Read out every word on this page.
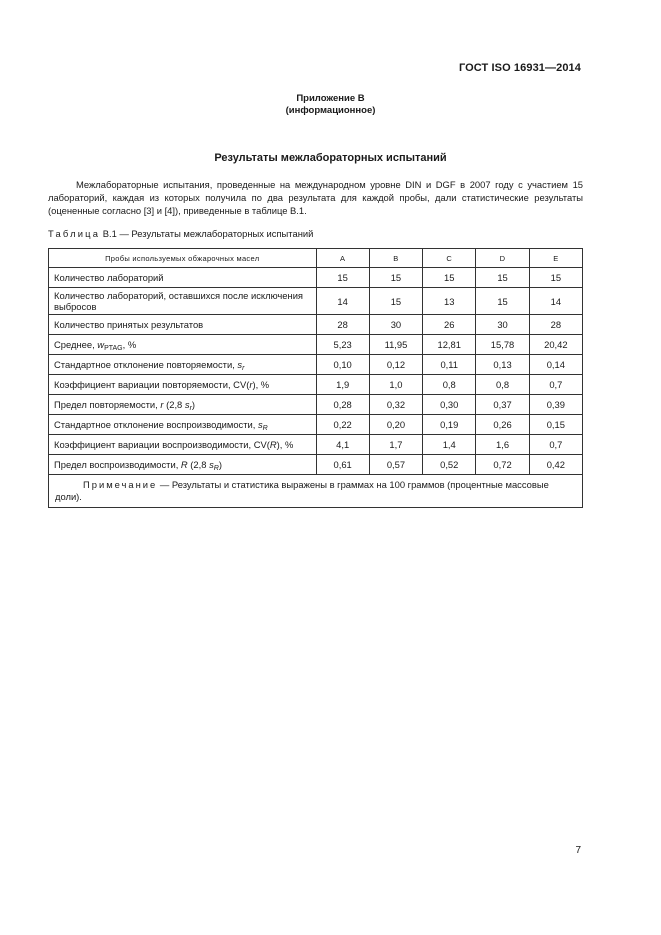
ГОСТ ISO 16931—2014
Приложение В
(информационное)
Результаты межлабораторных испытаний

Межлабораторные испытания, проведенные на международном уровне DIN и DGF в 2007 году с участием 15 лабораторий, каждая из которых получила по два результата для каждой пробы, дали статистические результаты (оцененные согласно [3] и [4]), приведенные в таблице В.1.

Таблица В.1 — Результаты межлабораторных испытаний
Пробы используемых обжарочных масел	A	B	C	D	E
Количество лабораторий	15	15	15	15	15
Количество лабораторий, оставшихся после исключения выбросов	14	15	13	15	14
Количество принятых результатов	28	30	26	30	28
Среднее, $w_{PTAG}$, %	5,23	11,95	12,81	15,78	20,42
Стандартное отклонение повторяемости, $s_r$	0,10	0,12	0,11	0,13	0,14
Коэффициент вариации повторяемости, CV(r), %	1,9	1,0	0,8	0,8	0,7
Предел повторяемости, r (2,8 $s_r$)	0,28	0,32	0,30	0,37	0,39
Стандартное отклонение воспроизводимости, $s_R$	0,22	0,20	0,19	0,26	0,15
Коэффициент вариации воспроизводимости, CV(R), %	4,1	1,7	1,4	1,6	0,7
Предел воспроизводимости, R (2,8 $s_R$)	0,61	0,57	0,52	0,72	0,42
Примечание — Результаты и статистика выражены в граммах на 100 граммов (процентные массовые доли).					
7
